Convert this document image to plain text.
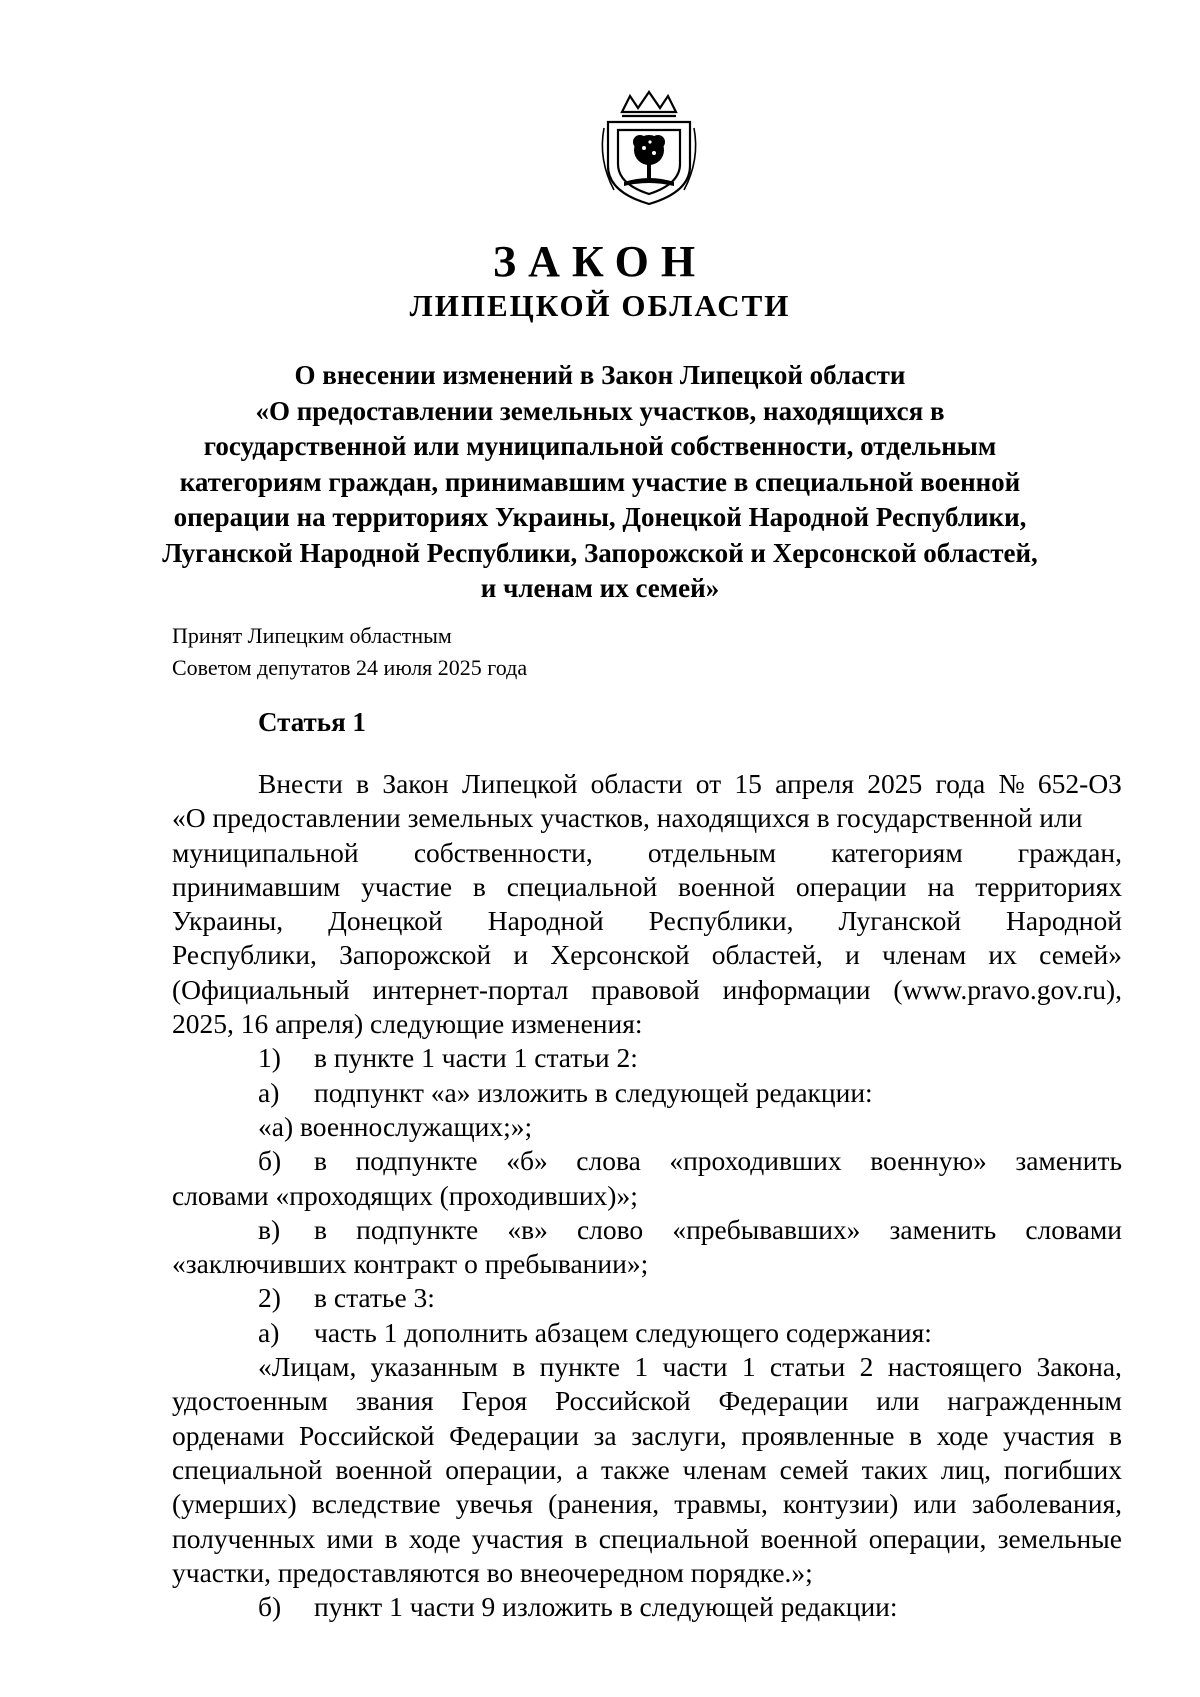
ЗАКОН
ЛИПЕЦКОЙ ОБЛАСТИ
О внесении изменений в Закон Липецкой области
«О предоставлении земельных участков, находящихся в
государственной или муниципальной собственности, отдельным
категориям граждан, принимавшим участие в специальной военной
операции на территориях Украины, Донецкой Народной Республики,
Луганской Народной Республики, Запорожской и Херсонской областей,
и членам их семей»
Принят Липецким областным
Советом депутатов 24 июля 2025 года
Статья 1
Внести в Закон Липецкой области от 15 апреля 2025 года № 652-ОЗ
«О предоставлении земельных участков, находящихся в государственной или
муниципальной собственности, отдельным категориям граждан,
принимавшим участие в специальной военной операции на территориях
Украины, Донецкой Народной Республики, Луганской Народной
Республики, Запорожской и Херсонской областей, и членам их семей»
(Официальный интернет-портал правовой информации (www.pravo.gov.ru),
2025, 16 апреля) следующие изменения:
1) в пункте 1 части 1 статьи 2:
а) подпункт «а» изложить в следующей редакции:
«а) военнослужащих;»;
б)	в подпункте «б» слова «проходивших военную» заменить
словами «проходящих (проходивших)»;
в)	в подпункте «в» слово «пребывавших» заменить словами
«заключивших контракт о пребывании»;
2) в статье 3:
а) часть 1 дополнить абзацем следующего содержания:
«Лицам, указанным в пункте 1 части 1 статьи 2 настоящего Закона,
удостоенным звания Героя Российской Федерации или награжденным
орденами Российской Федерации за заслуги, проявленные в ходе участия в
специальной военной операции, а также членам семей таких лиц, погибших
(умерших) вследствие увечья (ранения, травмы, контузии) или заболевания,
полученных ими в ходе участия в специальной военной операции, земельные
участки, предоставляются во внеочередном порядке.»;
б) пункт 1 части 9 изложить в следующей редакции:
